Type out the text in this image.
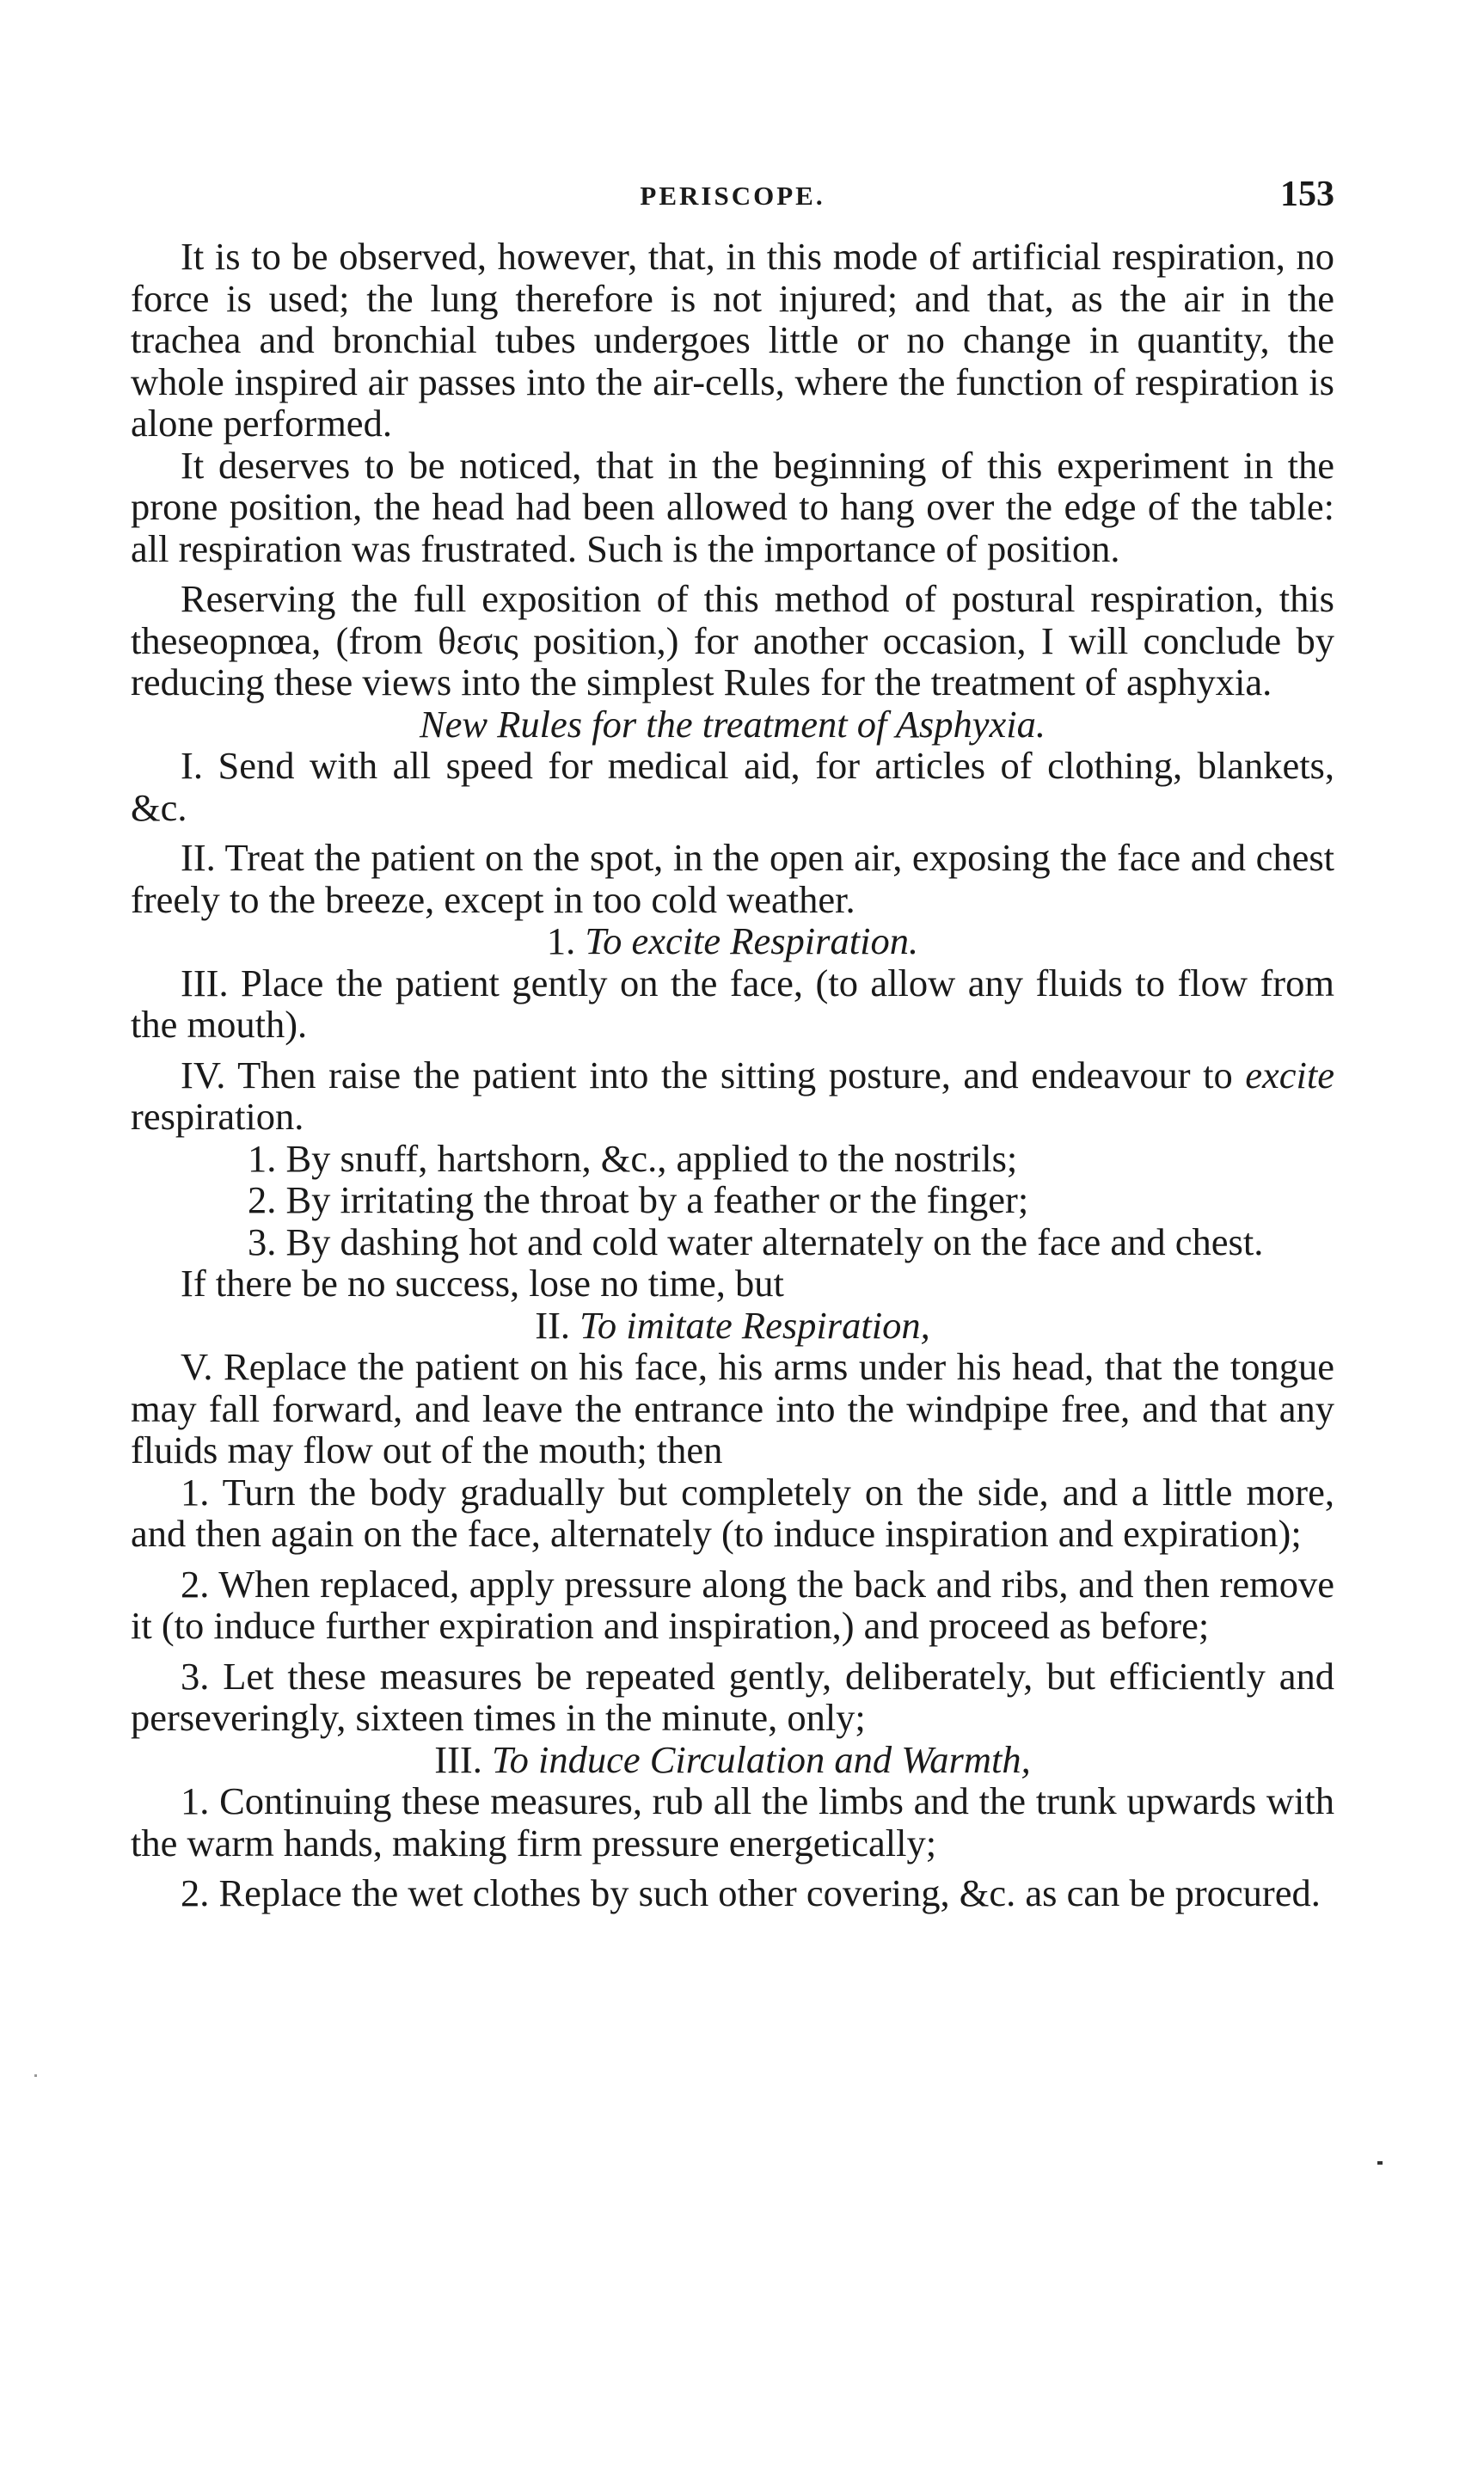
PERISCOPE.	153

It is to be observed, however, that, in this mode of artificial respiration, no force is used; the lung therefore is not injured; and that, as the air in the trachea and bronchial tubes undergoes little or no change in quantity, the whole inspired air passes into the air-cells, where the function of respiration is alone performed.

It deserves to be noticed, that in the beginning of this experiment in the prone position, the head had been allowed to hang over the edge of the table: all respiration was frustrated. Such is the importance of position.

Reserving the full exposition of this method of postural respiration, this theseopnœa, (from θεσις position,) for another occasion, I will conclude by reducing these views into the simplest Rules for the treatment of asphyxia.

New Rules for the treatment of Asphyxia.

I. Send with all speed for medical aid, for articles of clothing, blankets, &c.

II. Treat the patient on the spot, in the open air, exposing the face and chest freely to the breeze, except in too cold weather.

1. To excite Respiration.

III. Place the patient gently on the face, (to allow any fluids to flow from the mouth).

IV. Then raise the patient into the sitting posture, and endeavour to excite respiration.

1. By snuff, hartshorn, &c., applied to the nostrils;

2. By irritating the throat by a feather or the finger;

3. By dashing hot and cold water alternately on the face and chest.

If there be no success, lose no time, but

II. To imitate Respiration,

V. Replace the patient on his face, his arms under his head, that the tongue may fall forward, and leave the entrance into the windpipe free, and that any fluids may flow out of the mouth; then

1. Turn the body gradually but completely on the side, and a little more, and then again on the face, alternately (to induce inspiration and expiration);

2. When replaced, apply pressure along the back and ribs, and then remove it (to induce further expiration and inspiration,) and proceed as before;

3. Let these measures be repeated gently, deliberately, but efficiently and perseveringly, sixteen times in the minute, only;

III. To induce Circulation and Warmth,

1. Continuing these measures, rub all the limbs and the trunk upwards with the warm hands, making firm pressure energetically;

2. Replace the wet clothes by such other covering, &c. as can be procured.
